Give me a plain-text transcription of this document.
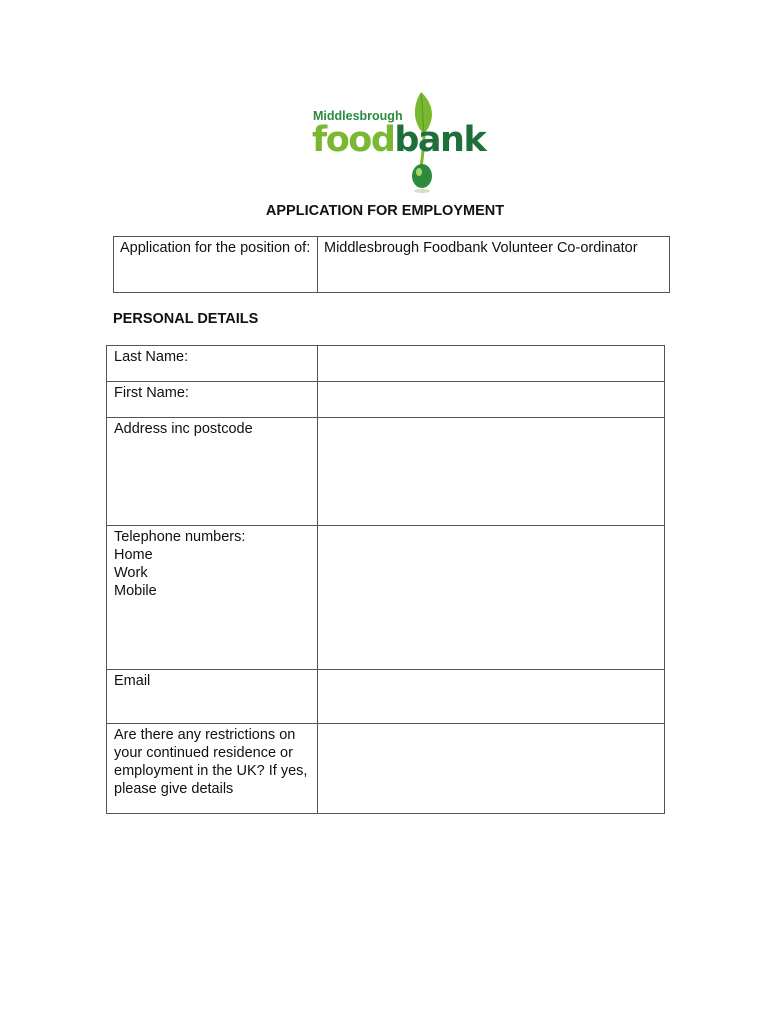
Middlesbrough
foodbank
APPLICATION FOR EMPLOYMENT
Application for the position of:	Middlesbrough Foodbank Volunteer Co-ordinator
PERSONAL DETAILS
Last Name:	

First Name:	

Address inc postcode	

Telephone numbers:

Home

Work

Mobile	

Email	

Are there any restrictions on your continued residence or employment in the UK? If yes, please give details	
